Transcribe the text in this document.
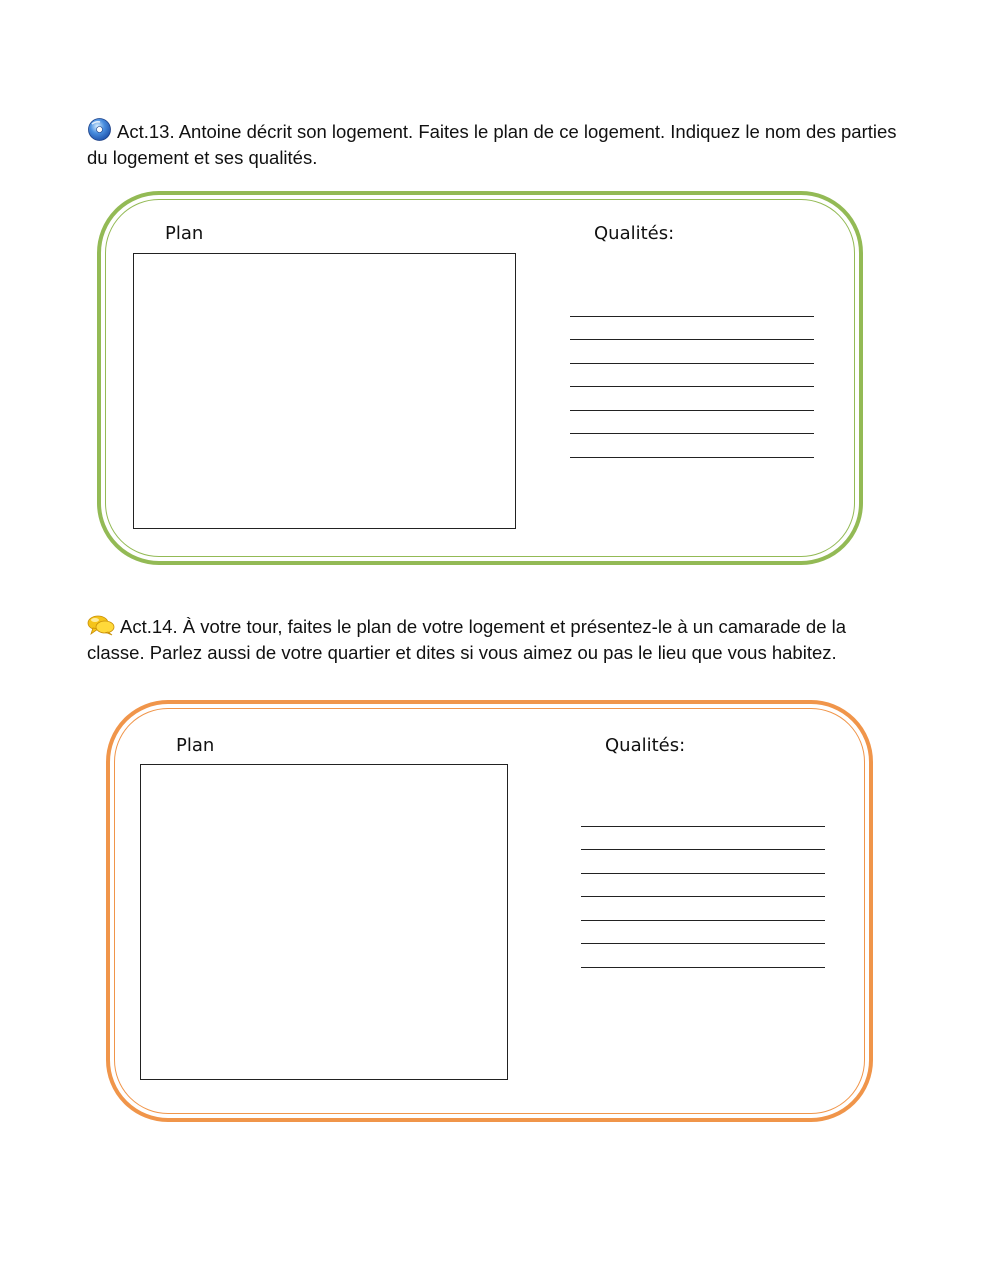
Act.13. Antoine décrit son logement. Faites le plan de ce logement. Indiquez le nom des parties du logement et ses qualités.

Plan	Qualités:

Act.14. À votre tour, faites le plan de votre logement et présentez-le à un camarade de la classe. Parlez aussi de votre quartier et dites si vous aimez ou pas le lieu que vous habitez.

Plan	Qualités:
